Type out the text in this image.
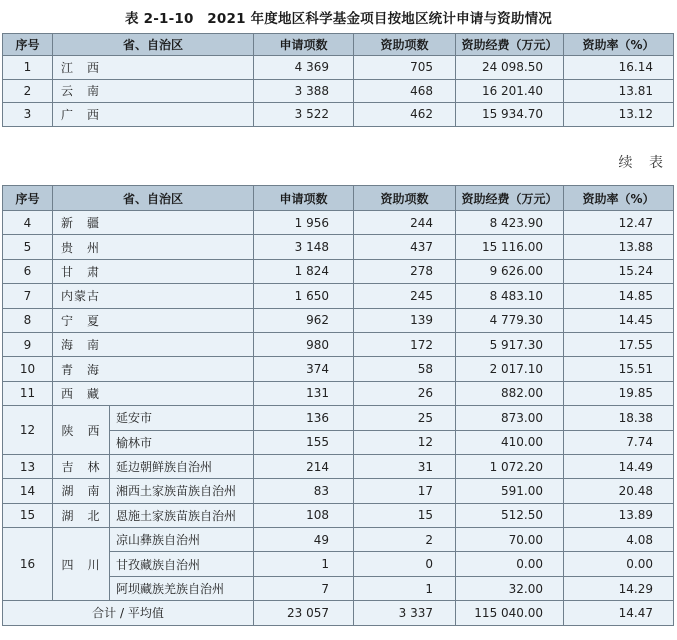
表 2-1-10　2021 年度地区科学基金项目按地区统计申请与资助情况
序号	省、自治区	申请项数	资助项数	资助经费（万元）	资助率（%）
1	江　西	4 369	705	24 098.50	16.14
2	云　南	3 388	468	16 201.40	13.81
3	广　西	3 522	462	15 934.70	13.12
续 表
序号	省、自治区		申请项数	资助项数	资助经费（万元）	资助率（%）
4	新　疆		1 956	244	8 423.90	12.47
5	贵　州		3 148	437	15 116.00	13.88
6	甘　肃		1 824	278	9 626.00	15.24
7	内蒙古		1 650	245	8 483.10	14.85
8	宁　夏		962	139	4 779.30	14.45
9	海　南		980	172	5 917.30	17.55
10	青　海		374	58	2 017.10	15.51
11	西　藏		131	26	882.00	19.85
12	陕　西	延安市	136	25	873.00	18.38
		榆林市	155	12	410.00	7.74
13	吉　林	延边朝鲜族自治州	214	31	1 072.20	14.49
14	湖　南	湘西土家族苗族自治州	83	17	591.00	20.48
15	湖　北	恩施土家族苗族自治州	108	15	512.50	13.89
16	四　川	凉山彝族自治州	49	2	70.00	4.08
		甘孜藏族自治州	1	0	0.00	0.00
		阿坝藏族羌族自治州	7	1	32.00	14.29
合计 / 平均值			23 057	3 337	115 040.00	14.47
